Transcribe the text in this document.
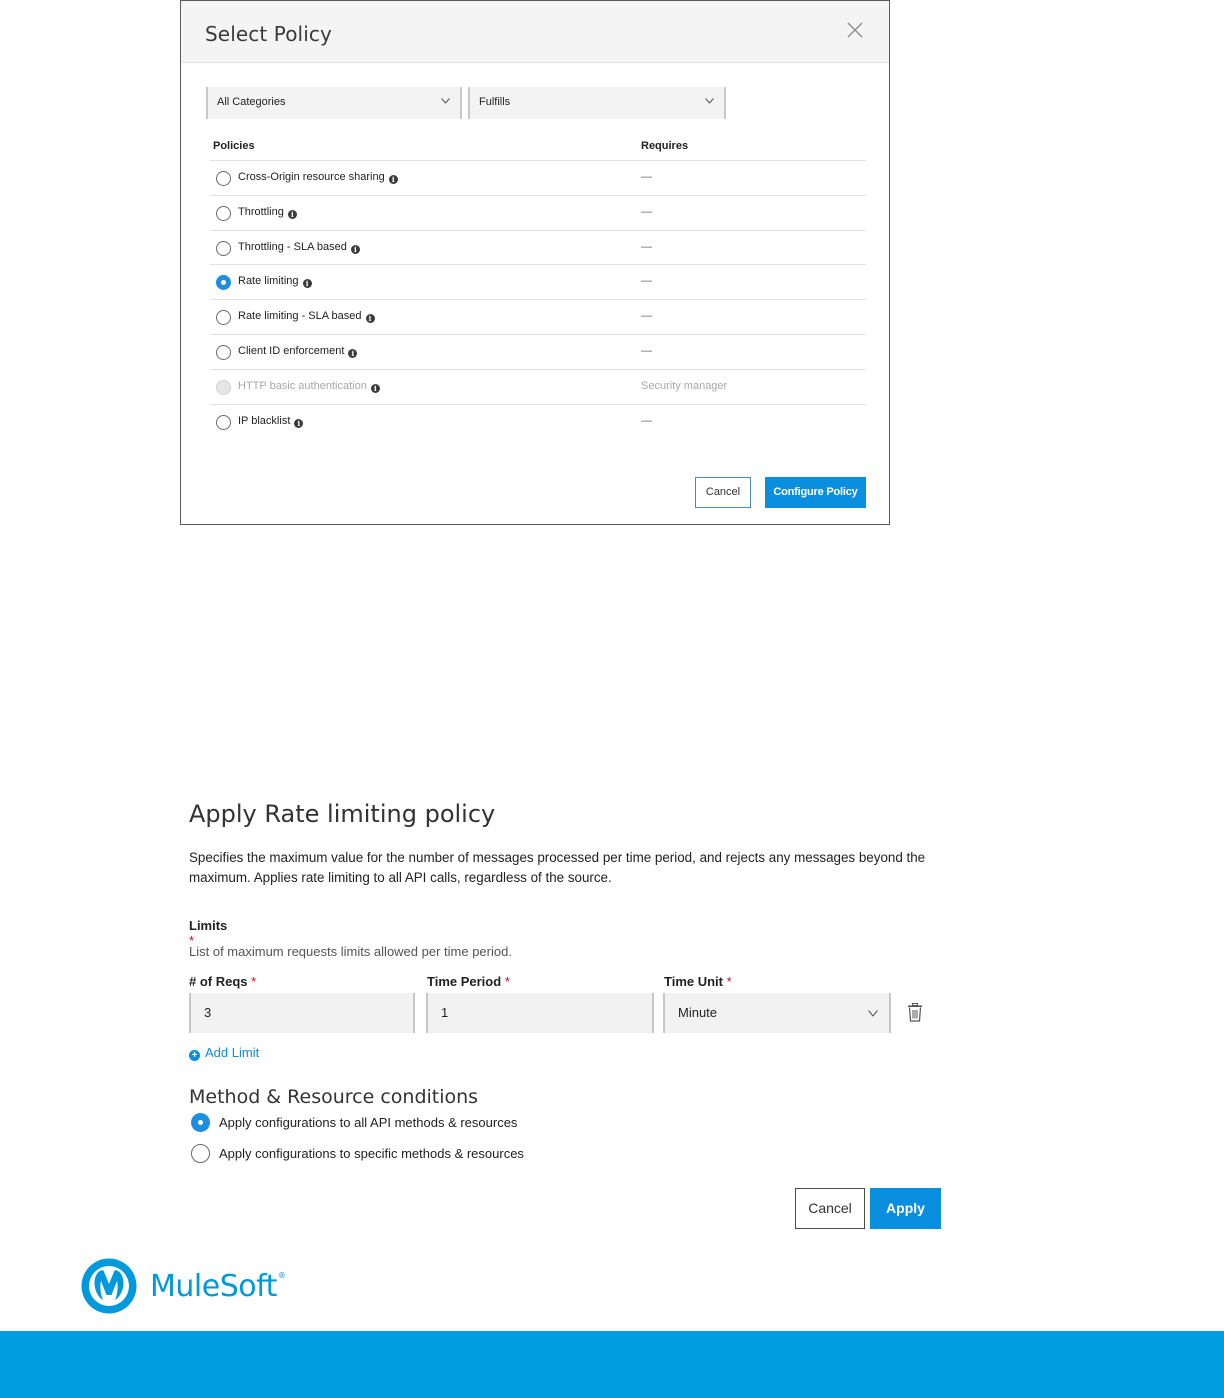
Select Policy
All Categories	Fulfills
Policies	Requires
Cross-Origin resource sharing i	—
Throttling i	—
Throttling - SLA based i	—
Rate limiting i	—
Rate limiting - SLA based i	—
Client ID enforcement i	—
HTTP basic authentication i	Security manager
IP blacklist i	—
Cancel	Configure Policy
Apply Rate limiting policy
Specifies the maximum value for the number of messages processed per time period, and rejects any messages beyond the maximum. Applies rate limiting to all API calls, regardless of the source.
Limits *
List of maximum requests limits allowed per time period.
# of Reqs *	Time Period *	Time Unit *
3	1	Minute
+ Add Limit
Method & Resource conditions
Apply configurations to all API methods & resources
Apply configurations to specific methods & resources
Cancel	Apply
MuleSoft®
